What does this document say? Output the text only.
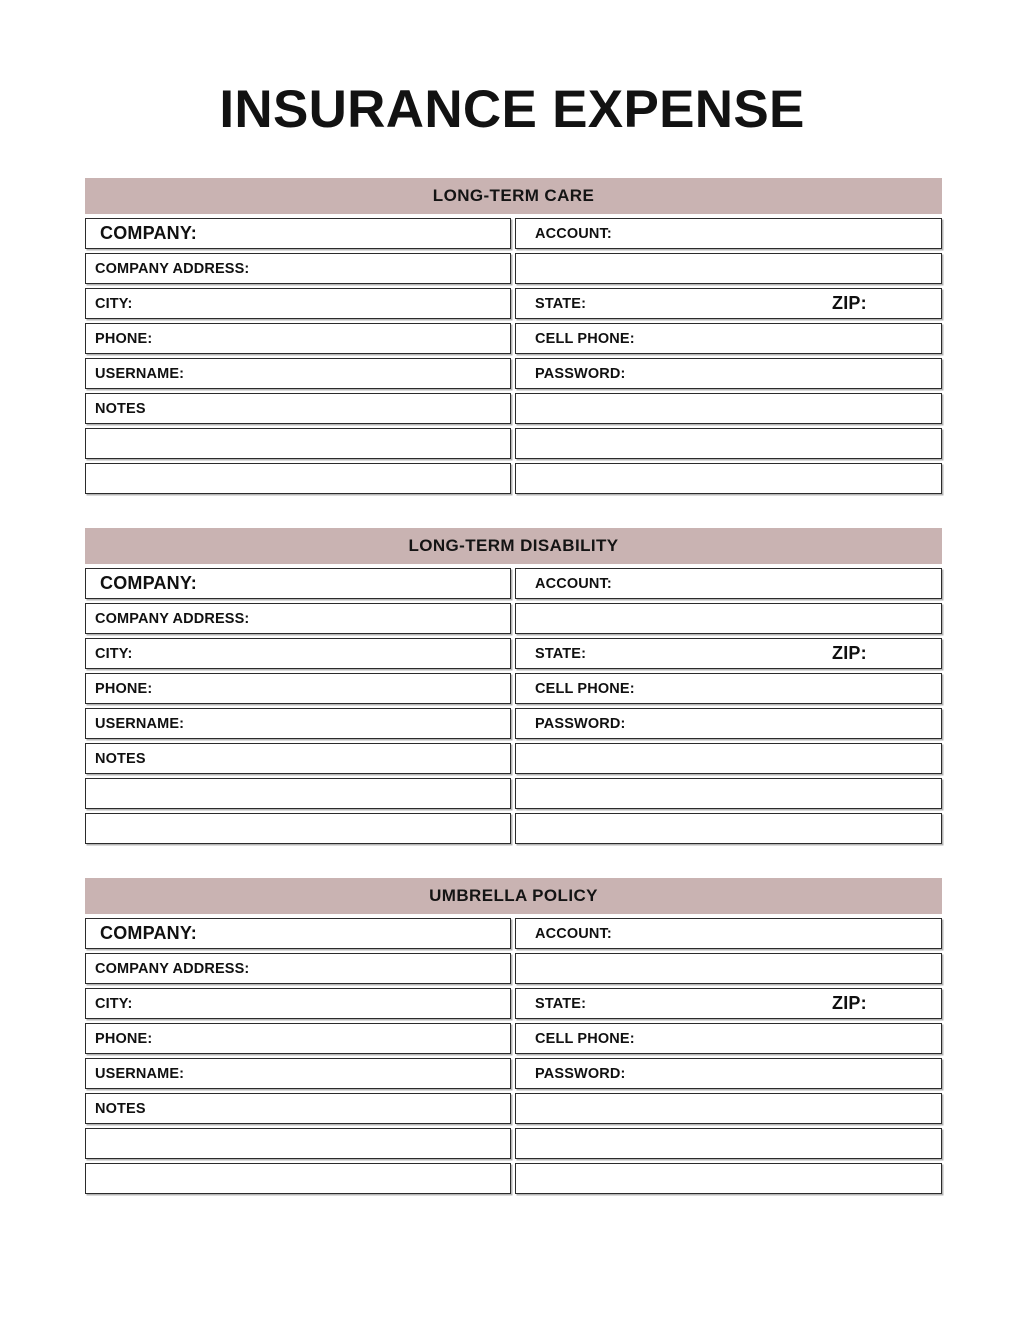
INSURANCE EXPENSE
LONG-TERM CARE
COMPANY:	ACCOUNT:
COMPANY ADDRESS:
CITY:	STATE:	ZIP:
PHONE:	CELL PHONE:
USERNAME:	PASSWORD:
NOTES
LONG-TERM DISABILITY
COMPANY:	ACCOUNT:
COMPANY ADDRESS:
CITY:	STATE:	ZIP:
PHONE:	CELL PHONE:
USERNAME:	PASSWORD:
NOTES
UMBRELLA POLICY
COMPANY:	ACCOUNT:
COMPANY ADDRESS:
CITY:	STATE:	ZIP:
PHONE:	CELL PHONE:
USERNAME:	PASSWORD:
NOTES
